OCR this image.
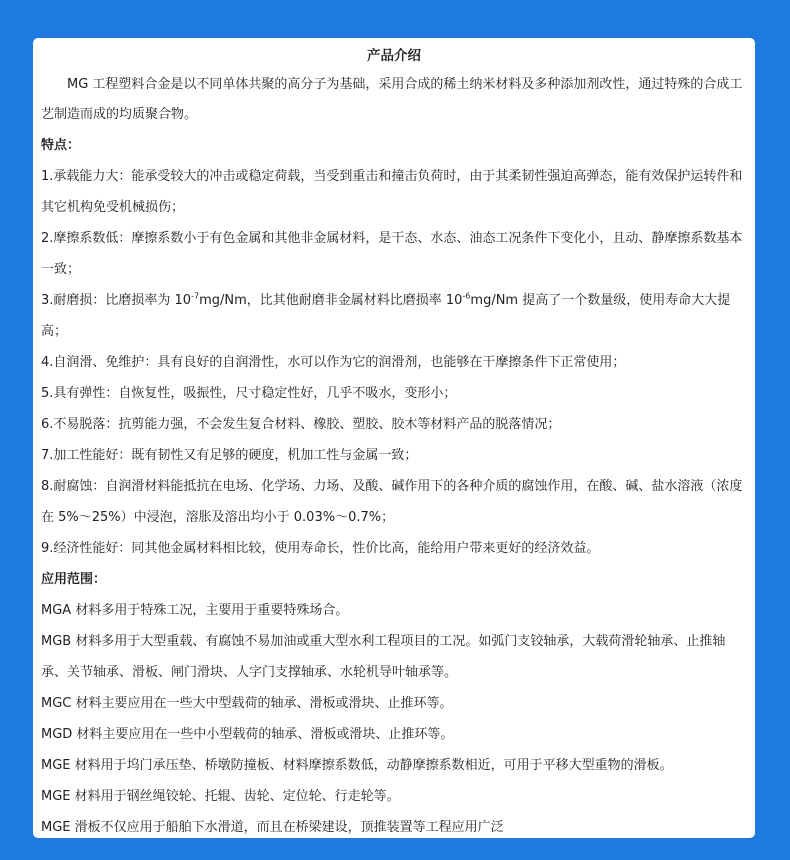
产品介绍

MG 工程塑料合金是以不同单体共聚的高分子为基础，采用合成的稀土纳米材料及多种添加剂改性，通过特殊的合成工艺制造而成的均质聚合物。

特点：

1.承载能力大：能承受较大的冲击或稳定荷载，当受到重击和撞击负荷时，由于其柔韧性强迫高弹态，能有效保护运转件和其它机构免受机械损伤；

2.摩擦系数低：摩擦系数小于有色金属和其他非金属材料，是干态、水态、油态工况条件下变化小，且动、静摩擦系数基本一致；

3.耐磨损：比磨损率为 $10^{-7}mg/Nm$，比其他耐磨非金属材料比磨损率 $10^{-6}mg/Nm$ 提高了一个数量级，使用寿命大大提高；

4.自润滑、免维护：具有良好的自润滑性，水可以作为它的润滑剂，也能够在干摩擦条件下正常使用；

5.具有弹性：自恢复性，吸振性，尺寸稳定性好，几乎不吸水，变形小；

6.不易脱落：抗剪能力强，不会发生复合材料、橡胶、塑胶、胶木等材料产品的脱落情况；

7.加工性能好：既有韧性又有足够的硬度，机加工性与金属一致；

8.耐腐蚀：自润滑材料能抵抗在电场、化学场、力场、及酸、碱作用下的各种介质的腐蚀作用，在酸、碱、盐水溶液（浓度在 5%～25%）中浸泡，溶胀及溶出均小于 0.03%～0.7%；

9.经济性能好：同其他金属材料相比较，使用寿命长，性价比高，能给用户带来更好的经济效益。

应用范围：

MGA 材料多用于特殊工况，主要用于重要特殊场合。

MGB 材料多用于大型重载、有腐蚀不易加油或重大型水利工程项目的工况。如弧门支铰轴承，大载荷滑轮轴承、止推轴承、关节轴承、滑板、闸门滑块、人字门支撑轴承、水轮机导叶轴承等。

MGC 材料主要应用在一些大中型载荷的轴承、滑板或滑块、止推环等。

MGD 材料主要应用在一些中小型载荷的轴承、滑板或滑块、止推环等。

MGE 材料用于坞门承压垫、桥墩防撞板、材料摩擦系数低，动静摩擦系数相近，可用于平移大型重物的滑板。

MGE 材料用于钢丝绳铰轮、托辊、齿轮、定位轮、行走轮等。

MGE 滑板不仅应用于船舶下水滑道，而且在桥梁建设，顶推装置等工程应用广泛
